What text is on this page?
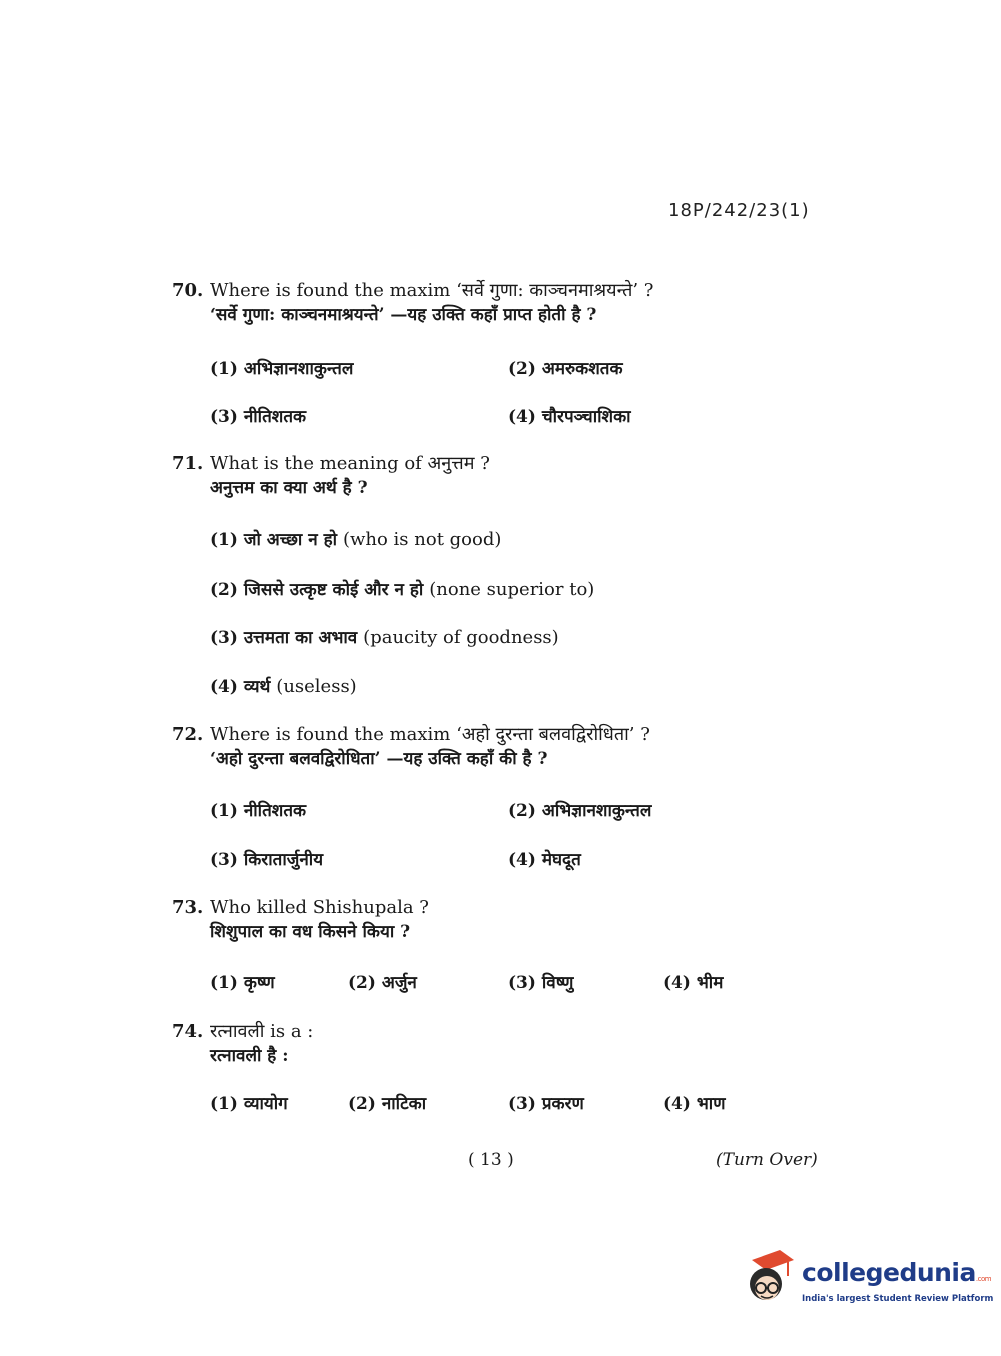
18P/242/23(1)
70. Where is found the maxim ‘सर्वे गुणा: काञ्चनमाश्रयन्ते’ ?
‘सर्वे गुणा: काञ्चनमाश्रयन्ते’ —यह उक्ति कहाँ प्राप्त होती है ?
(1) अभिज्ञानशाकुन्तल	(2) अमरुकशतक
(3) नीतिशतक	(4) चौरपञ्चाशिका
71. What is the meaning of अनुत्तम ?
अनुत्तम का क्या अर्थ है ?
(1) जो अच्छा न हो (who is not good)
(2) जिससे उत्कृष्ट कोई और न हो (none superior to)
(3) उत्तमता का अभाव (paucity of goodness)
(4) व्यर्थ (useless)
72. Where is found the maxim ‘अहो दुरन्ता बलवद्विरोधिता’ ?
‘अहो दुरन्ता बलवद्विरोधिता’ —यह उक्ति कहाँ की है ?
(1) नीतिशतक	(2) अभिज्ञानशाकुन्तल
(3) किरातार्जुनीय	(4) मेघदूत
73. Who killed Shishupala ?
शिशुपाल का वध किसने किया ?
(1) कृष्ण	(2) अर्जुन	(3) विष्णु	(4) भीम
74. रत्नावली is a :
रत्नावली है :
(1) व्यायोग	(2) नाटिका	(3) प्रकरण	(4) भाण
( 13 )	(Turn Over)
collegedunia.com
India's largest Student Review Platform
